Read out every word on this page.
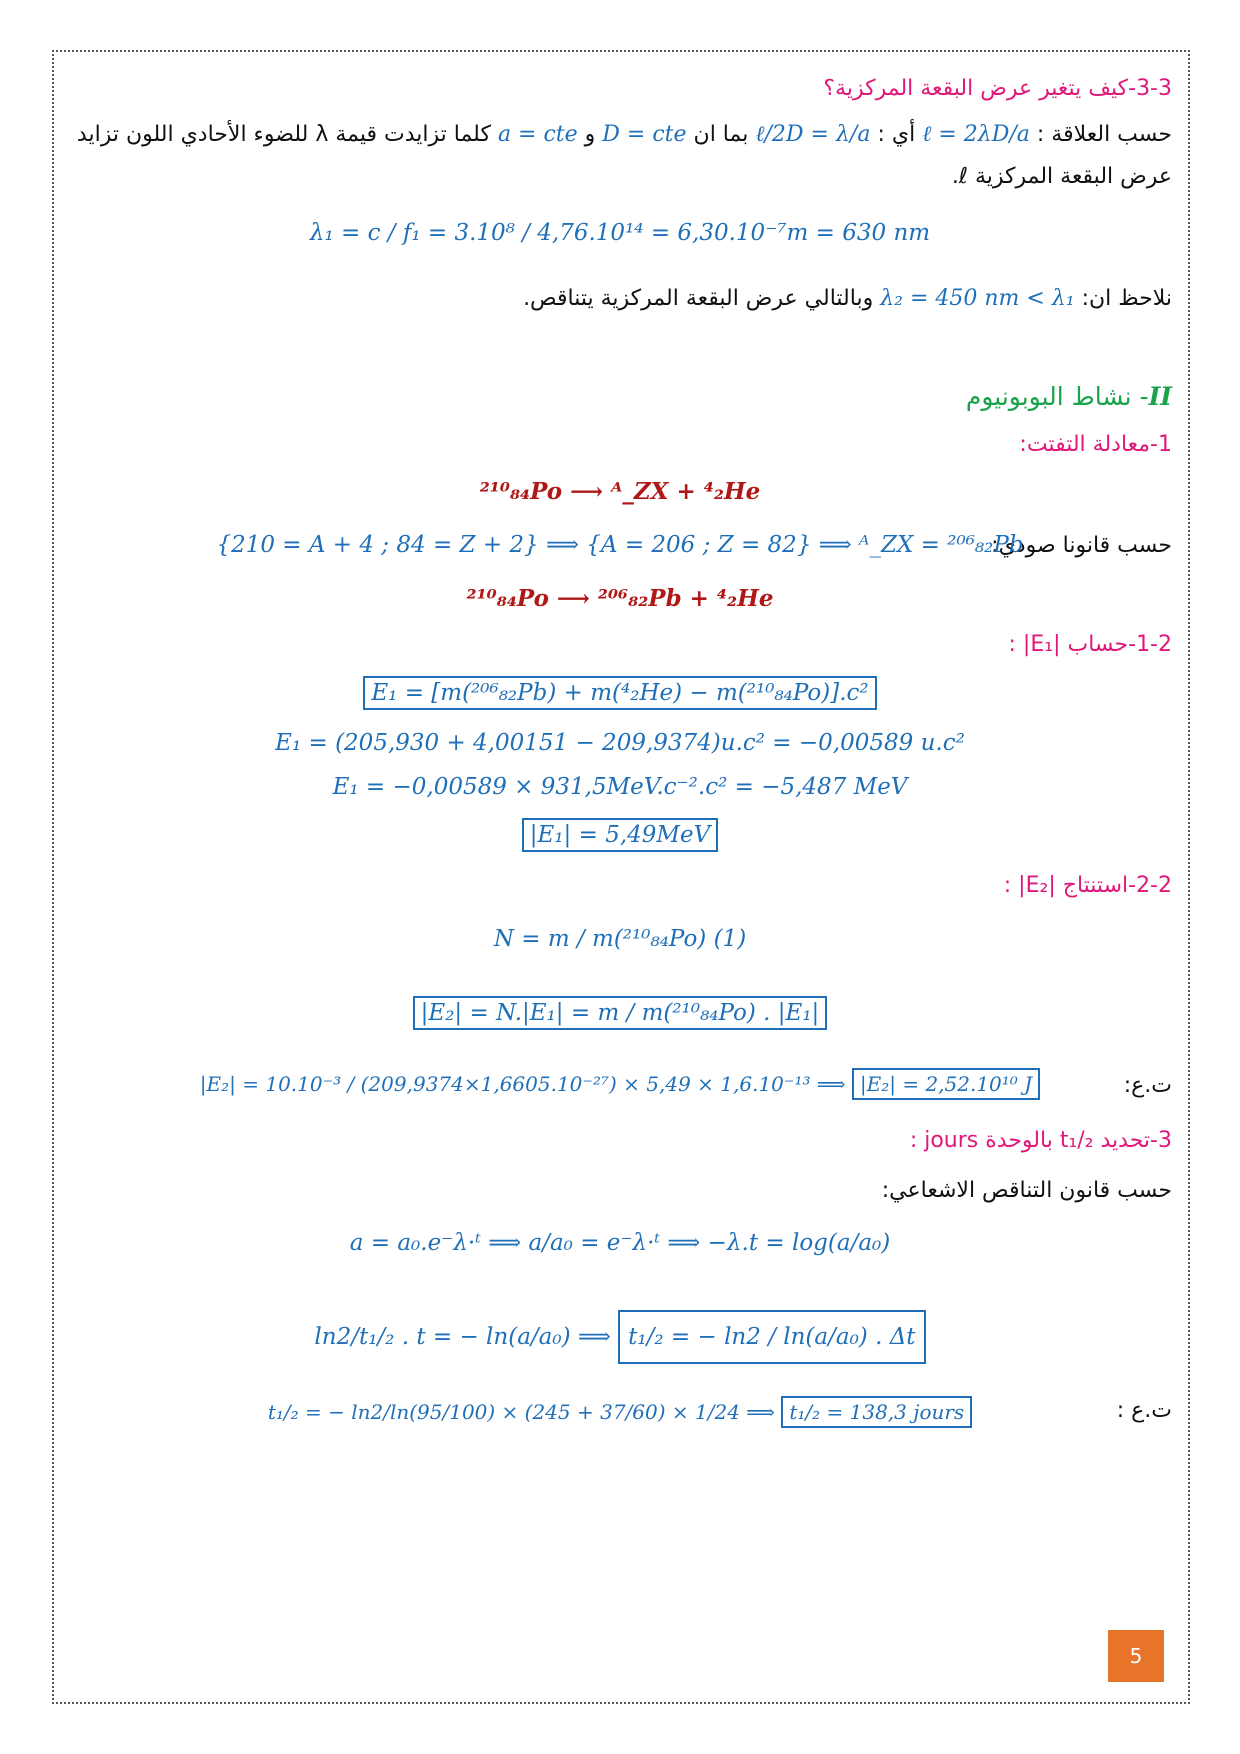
3-3-كيف يتغير عرض البقعة المركزية؟
حسب العلاقة : ℓ = 2λD/a أي : ℓ/2D = λ/a بما ان D = cte و a = cte كلما تزايدت قيمة λ للضوء الأحادي اللون تزايد
عرض البقعة المركزية ℓ.
λ₁ = c / f₁ = 3.10⁸ / 4,76.10¹⁴ = 6,30.10⁻⁷m = 630 nm
نلاحظ ان: λ₂ = 450 nm < λ₁ وبالتالي عرض البقعة المركزية يتناقص.
II- نشاط البوبونيوم
1-معادلة التفتت:
²¹⁰₈₄Po ⟶ ᴬ_ZX + ⁴₂He
حسب قانونا صودي:
{210 = A + 4 ; 84 = Z + 2} ⟹ {A = 206 ; Z = 82} ⟹ ᴬ_ZX = ²⁰⁶₈₂Pb
²¹⁰₈₄Po ⟶ ²⁰⁶₈₂Pb + ⁴₂He
1-2-حساب |E₁| :
E₁ = [m(²⁰⁶₈₂Pb) + m(⁴₂He) − m(²¹⁰₈₄Po)].c²
E₁ = (205,930 + 4,00151 − 209,9374)u.c² = −0,00589 u.c²
E₁ = −0,00589 × 931,5MeV.c⁻².c² = −5,487 MeV
|E₁| = 5,49MeV
2-2-استنتاج |E₂| :
N = m / m(²¹⁰₈₄Po) (1)
|E₂| = N.|E₁| = m / m(²¹⁰₈₄Po) . |E₁|
ت.ع:
|E₂| = 10.10⁻³ / (209,9374×1,6605.10⁻²⁷) × 5,49 × 1,6.10⁻¹³ ⟹ |E₂| = 2,52.10¹⁰ J
3-تحديد t₁/₂ بالوحدة jours :
حسب قانون التناقص الاشعاعي:
a = a₀.e⁻λ·ᵗ ⟹ a/a₀ = e⁻λ·ᵗ ⟹ −λ.t = log(a/a₀)
ln2/t₁/₂ . t = − ln(a/a₀) ⟹ t₁/₂ = − ln2 / ln(a/a₀) . Δt
ت.ع :
t₁/₂ = − ln2/ln(95/100) × (245 + 37/60) × 1/24 ⟹ t₁/₂ = 138,3 jours
5
